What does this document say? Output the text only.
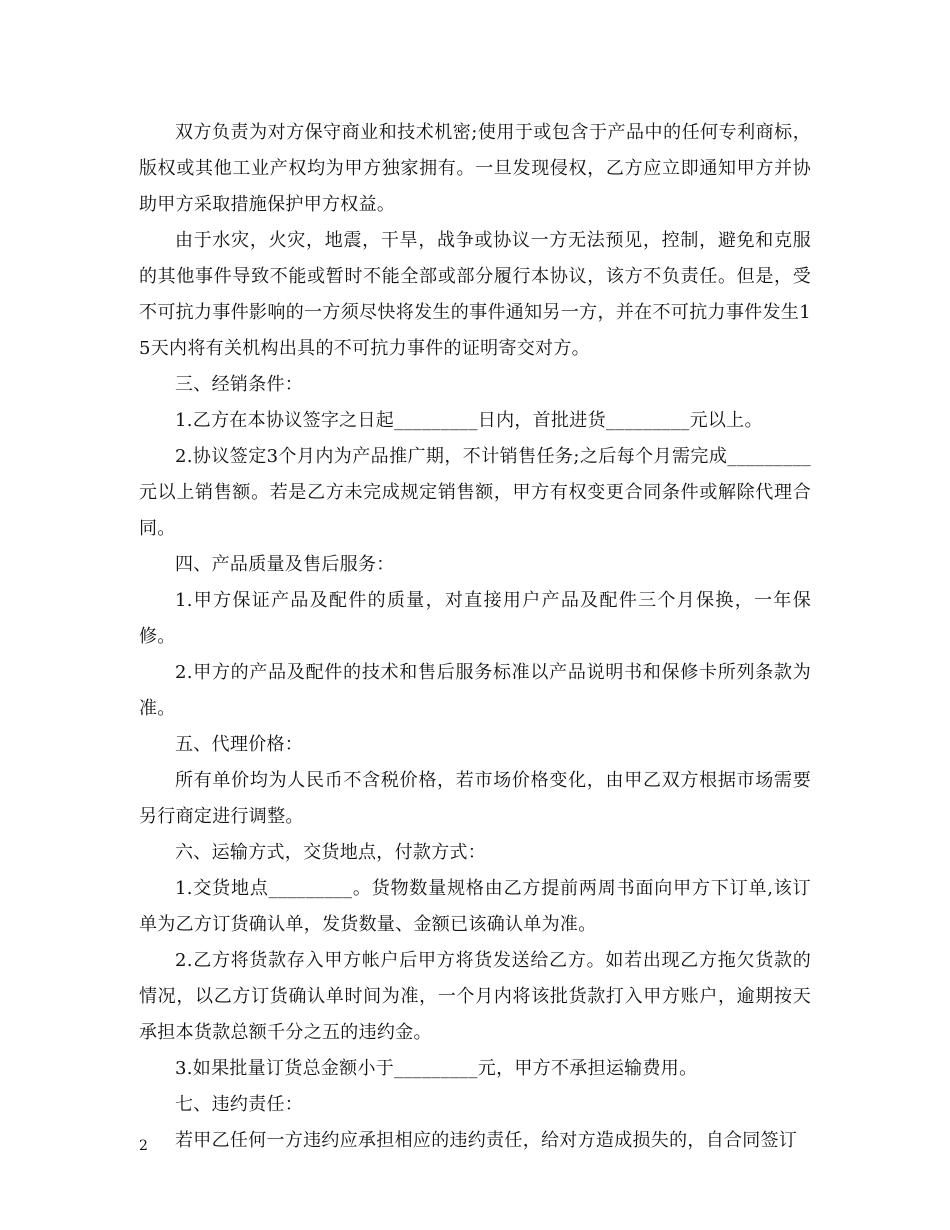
双方负责为对方保守商业和技术机密;使用于或包含于产品中的任何专利商标，版权或其他工业产权均为甲方独家拥有。一旦发现侵权，乙方应立即通知甲方并协助甲方采取措施保护甲方权益。

由于水灾，火灾，地震，干旱，战争或协议一方无法预见，控制，避免和克服的其他事件导致不能或暂时不能全部或部分履行本协议，该方不负责任。但是，受不可抗力事件影响的一方须尽快将发生的事件通知另一方，并在不可抗力事件发生15天内将有关机构出具的不可抗力事件的证明寄交对方。

三、经销条件：

1.乙方在本协议签字之日起_________日内，首批进货_________元以上。

2.协议签定3个月内为产品推广期，不计销售任务;之后每个月需完成_________元以上销售额。若是乙方未完成规定销售额，甲方有权变更合同条件或解除代理合同。

四、产品质量及售后服务：

1.甲方保证产品及配件的质量，对直接用户产品及配件三个月保换，一年保修。

2.甲方的产品及配件的技术和售后服务标准以产品说明书和保修卡所列条款为准。

五、代理价格：

所有单价均为人民币不含税价格，若市场价格变化，由甲乙双方根据市场需要另行商定进行调整。

六、运输方式，交货地点，付款方式：

1.交货地点_________。货物数量规格由乙方提前两周书面向甲方下订单,该订单为乙方订货确认单，发货数量、金额已该确认单为准。

2.乙方将货款存入甲方帐户后甲方将货发送给乙方。如若出现乙方拖欠货款的情况，以乙方订货确认单时间为准，一个月内将该批货款打入甲方账户，逾期按天承担本货款总额千分之五的违约金。

3.如果批量订货总金额小于_________元，甲方不承担运输费用。

七、违约责任：

若甲乙任何一方违约应承担相应的违约责任，给对方造成损失的，自合同签订

2
